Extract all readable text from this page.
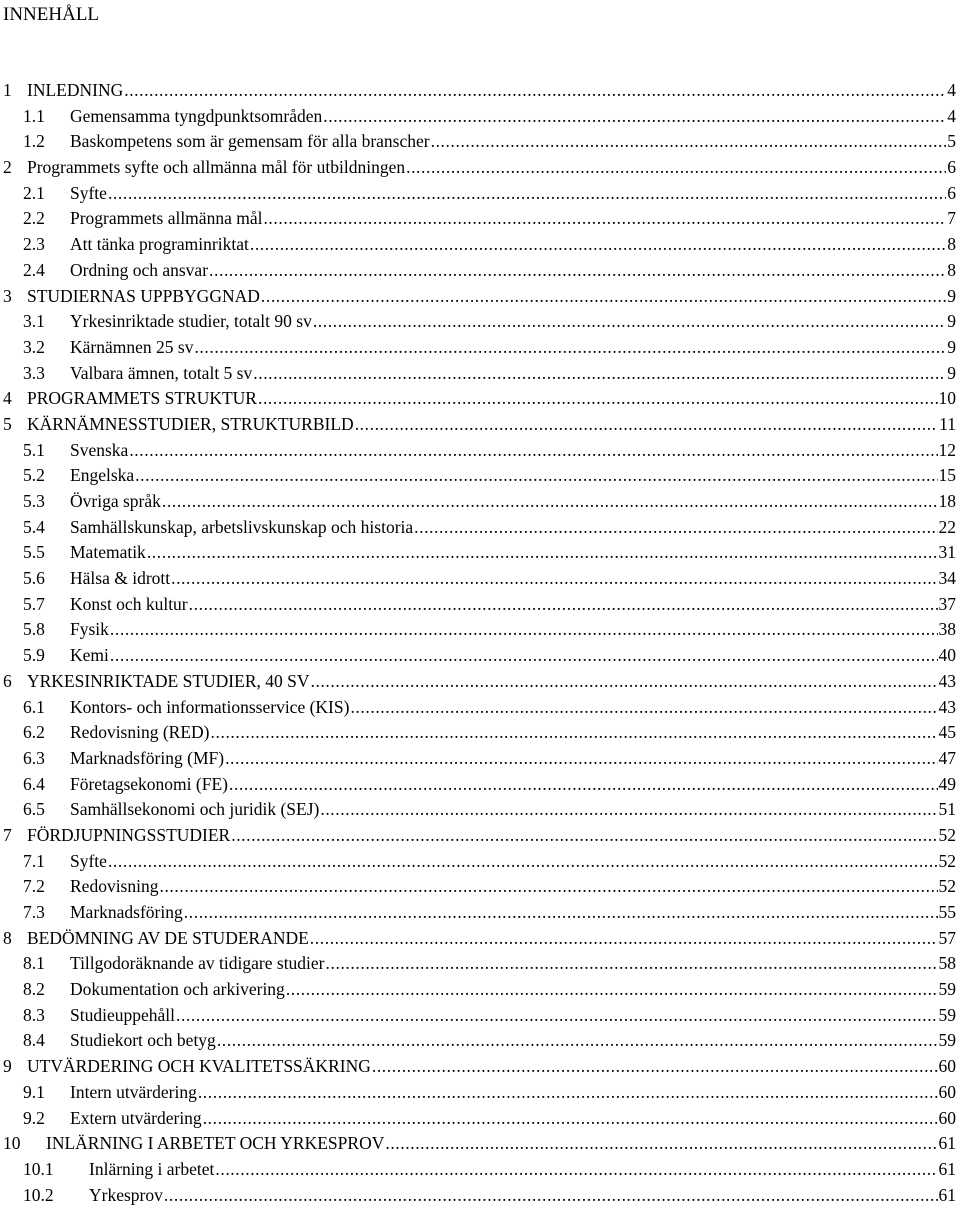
INNEHÅLL
1 INLEDNING .....	4
1.1 Gemensamma tyngdpunktsområden .....	4
1.2 Baskompetens som är gemensam för alla branscher .....	5
2 Programmets syfte och allmänna mål för utbildningen .....	6
2.1 Syfte .....	6
2.2 Programmets allmänna mål .....	7
2.3 Att tänka programinriktat .....	8
2.4 Ordning och ansvar .....	8
3 STUDIERNAS UPPBYGGNAD .....	9
3.1 Yrkesinriktade studier, totalt 90 sv .....	9
3.2 Kärnämnen 25 sv .....	9
3.3 Valbara ämnen, totalt 5 sv .....	9
4 PROGRAMMETS STRUKTUR .....	10
5 KÄRNÄMNESSTUDIER, STRUKTURBILD .....	11
5.1 Svenska .....	12
5.2 Engelska .....	15
5.3 Övriga språk .....	18
5.4 Samhällskunskap, arbetslivskunskap och historia .....	22
5.5 Matematik .....	31
5.6 Hälsa & idrott .....	34
5.7 Konst och kultur .....	37
5.8 Fysik .....	38
5.9 Kemi .....	40
6 YRKESINRIKTADE STUDIER, 40 SV .....	43
6.1 Kontors- och informationsservice (KIS) .....	43
6.2 Redovisning (RED) .....	45
6.3 Marknadsföring (MF) .....	47
6.4 Företagsekonomi (FE) .....	49
6.5 Samhällsekonomi och juridik (SEJ) .....	51
7 FÖRDJUPNINGSSTUDIER .....	52
7.1 Syfte .....	52
7.2 Redovisning .....	52
7.3 Marknadsföring .....	55
8 BEDÖMNING AV DE STUDERANDE .....	57
8.1 Tillgodoräknande av tidigare studier .....	58
8.2 Dokumentation och arkivering .....	59
8.3 Studieuppehåll .....	59
8.4 Studiekort och betyg .....	59
9 UTVÄRDERING OCH KVALITETSSÄKRING .....	60
9.1 Intern utvärdering .....	60
9.2 Extern utvärdering .....	60
10 INLÄRNING I ARBETET OCH YRKESPROV .....	61
10.1 Inlärning i arbetet .....	61
10.2 Yrkesprov .....	61
